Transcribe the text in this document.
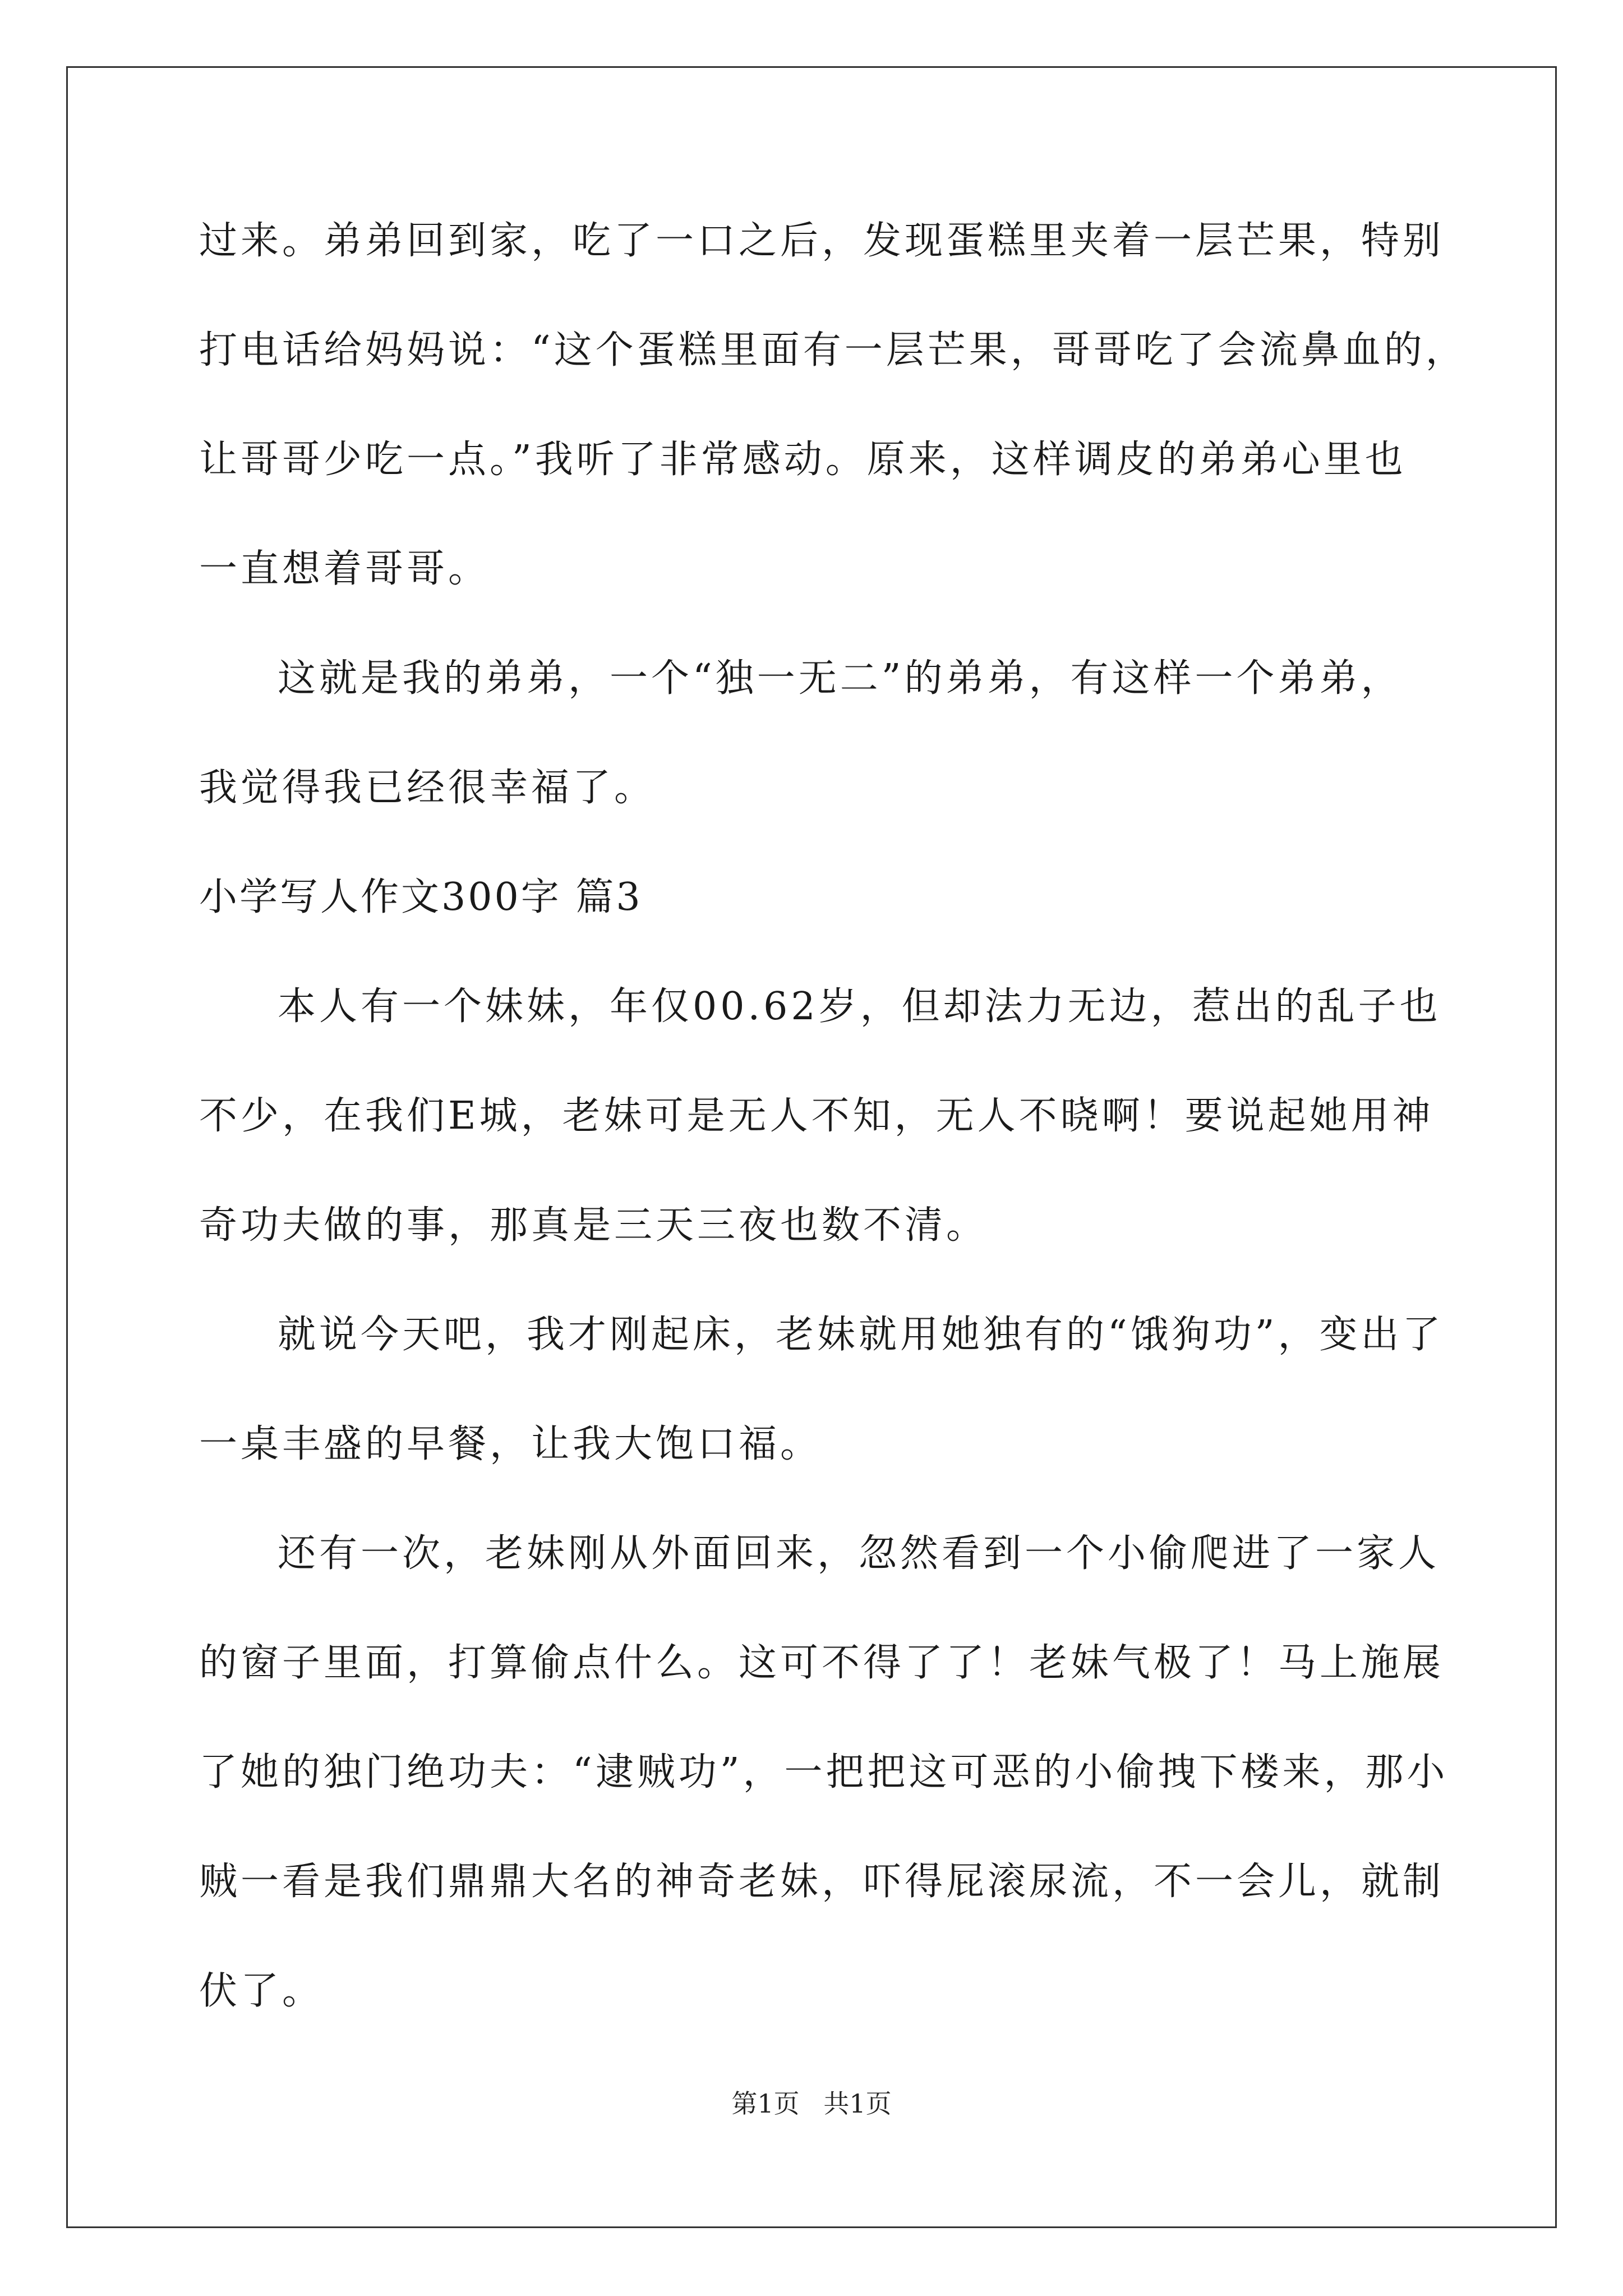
过来。弟弟回到家，吃了一口之后，发现蛋糕里夹着一层芒果，特别
打电话给妈妈说：“这个蛋糕里面有一层芒果，哥哥吃了会流鼻血的，
让哥哥少吃一点。”我听了非常感动。原来，这样调皮的弟弟心里也
一直想着哥哥。
这就是我的弟弟，一个“独一无二”的弟弟，有这样一个弟弟，
我觉得我已经很幸福了。
小学写人作文300字 篇3
本人有一个妹妹，年仅00.62岁，但却法力无边，惹出的乱子也
不少，在我们E城，老妹可是无人不知，无人不晓啊！要说起她用神
奇功夫做的事，那真是三天三夜也数不清。
就说今天吧，我才刚起床，老妹就用她独有的“饿狗功”，变出了
一桌丰盛的早餐，让我大饱口福。
还有一次，老妹刚从外面回来，忽然看到一个小偷爬进了一家人
的窗子里面，打算偷点什么。这可不得了了！老妹气极了！马上施展
了她的独门绝功夫：“逮贼功”，一把把这可恶的小偷拽下楼来，那小
贼一看是我们鼎鼎大名的神奇老妹，吓得屁滚尿流，不一会儿，就制
伏了。
第1页 共1页
